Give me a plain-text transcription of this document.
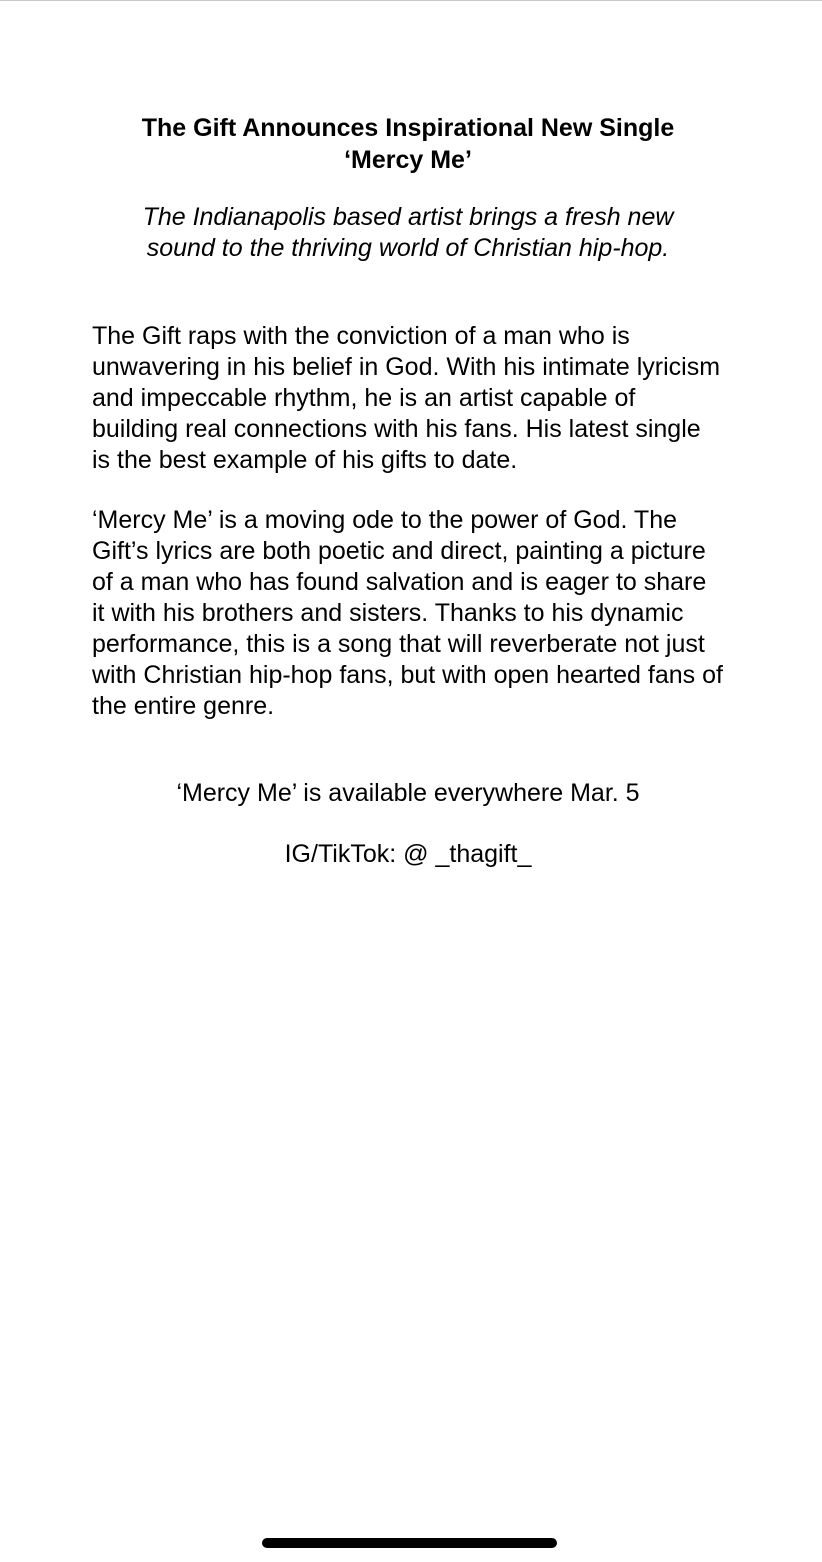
The Gift Announces Inspirational New Single ‘Mercy Me’

The Indianapolis based artist brings a fresh new sound to the thriving world of Christian hip-hop.

The Gift raps with the conviction of a man who is unwavering in his belief in God. With his intimate lyricism and impeccable rhythm, he is an artist capable of building real connections with his fans. His latest single is the best example of his gifts to date.

‘Mercy Me’ is a moving ode to the power of God. The Gift’s lyrics are both poetic and direct, painting a picture of a man who has found salvation and is eager to share it with his brothers and sisters. Thanks to his dynamic performance, this is a song that will reverberate not just with Christian hip-hop fans, but with open hearted fans of the entire genre.

‘Mercy Me’ is available everywhere Mar. 5

IG/TikTok: @ _thagift_
